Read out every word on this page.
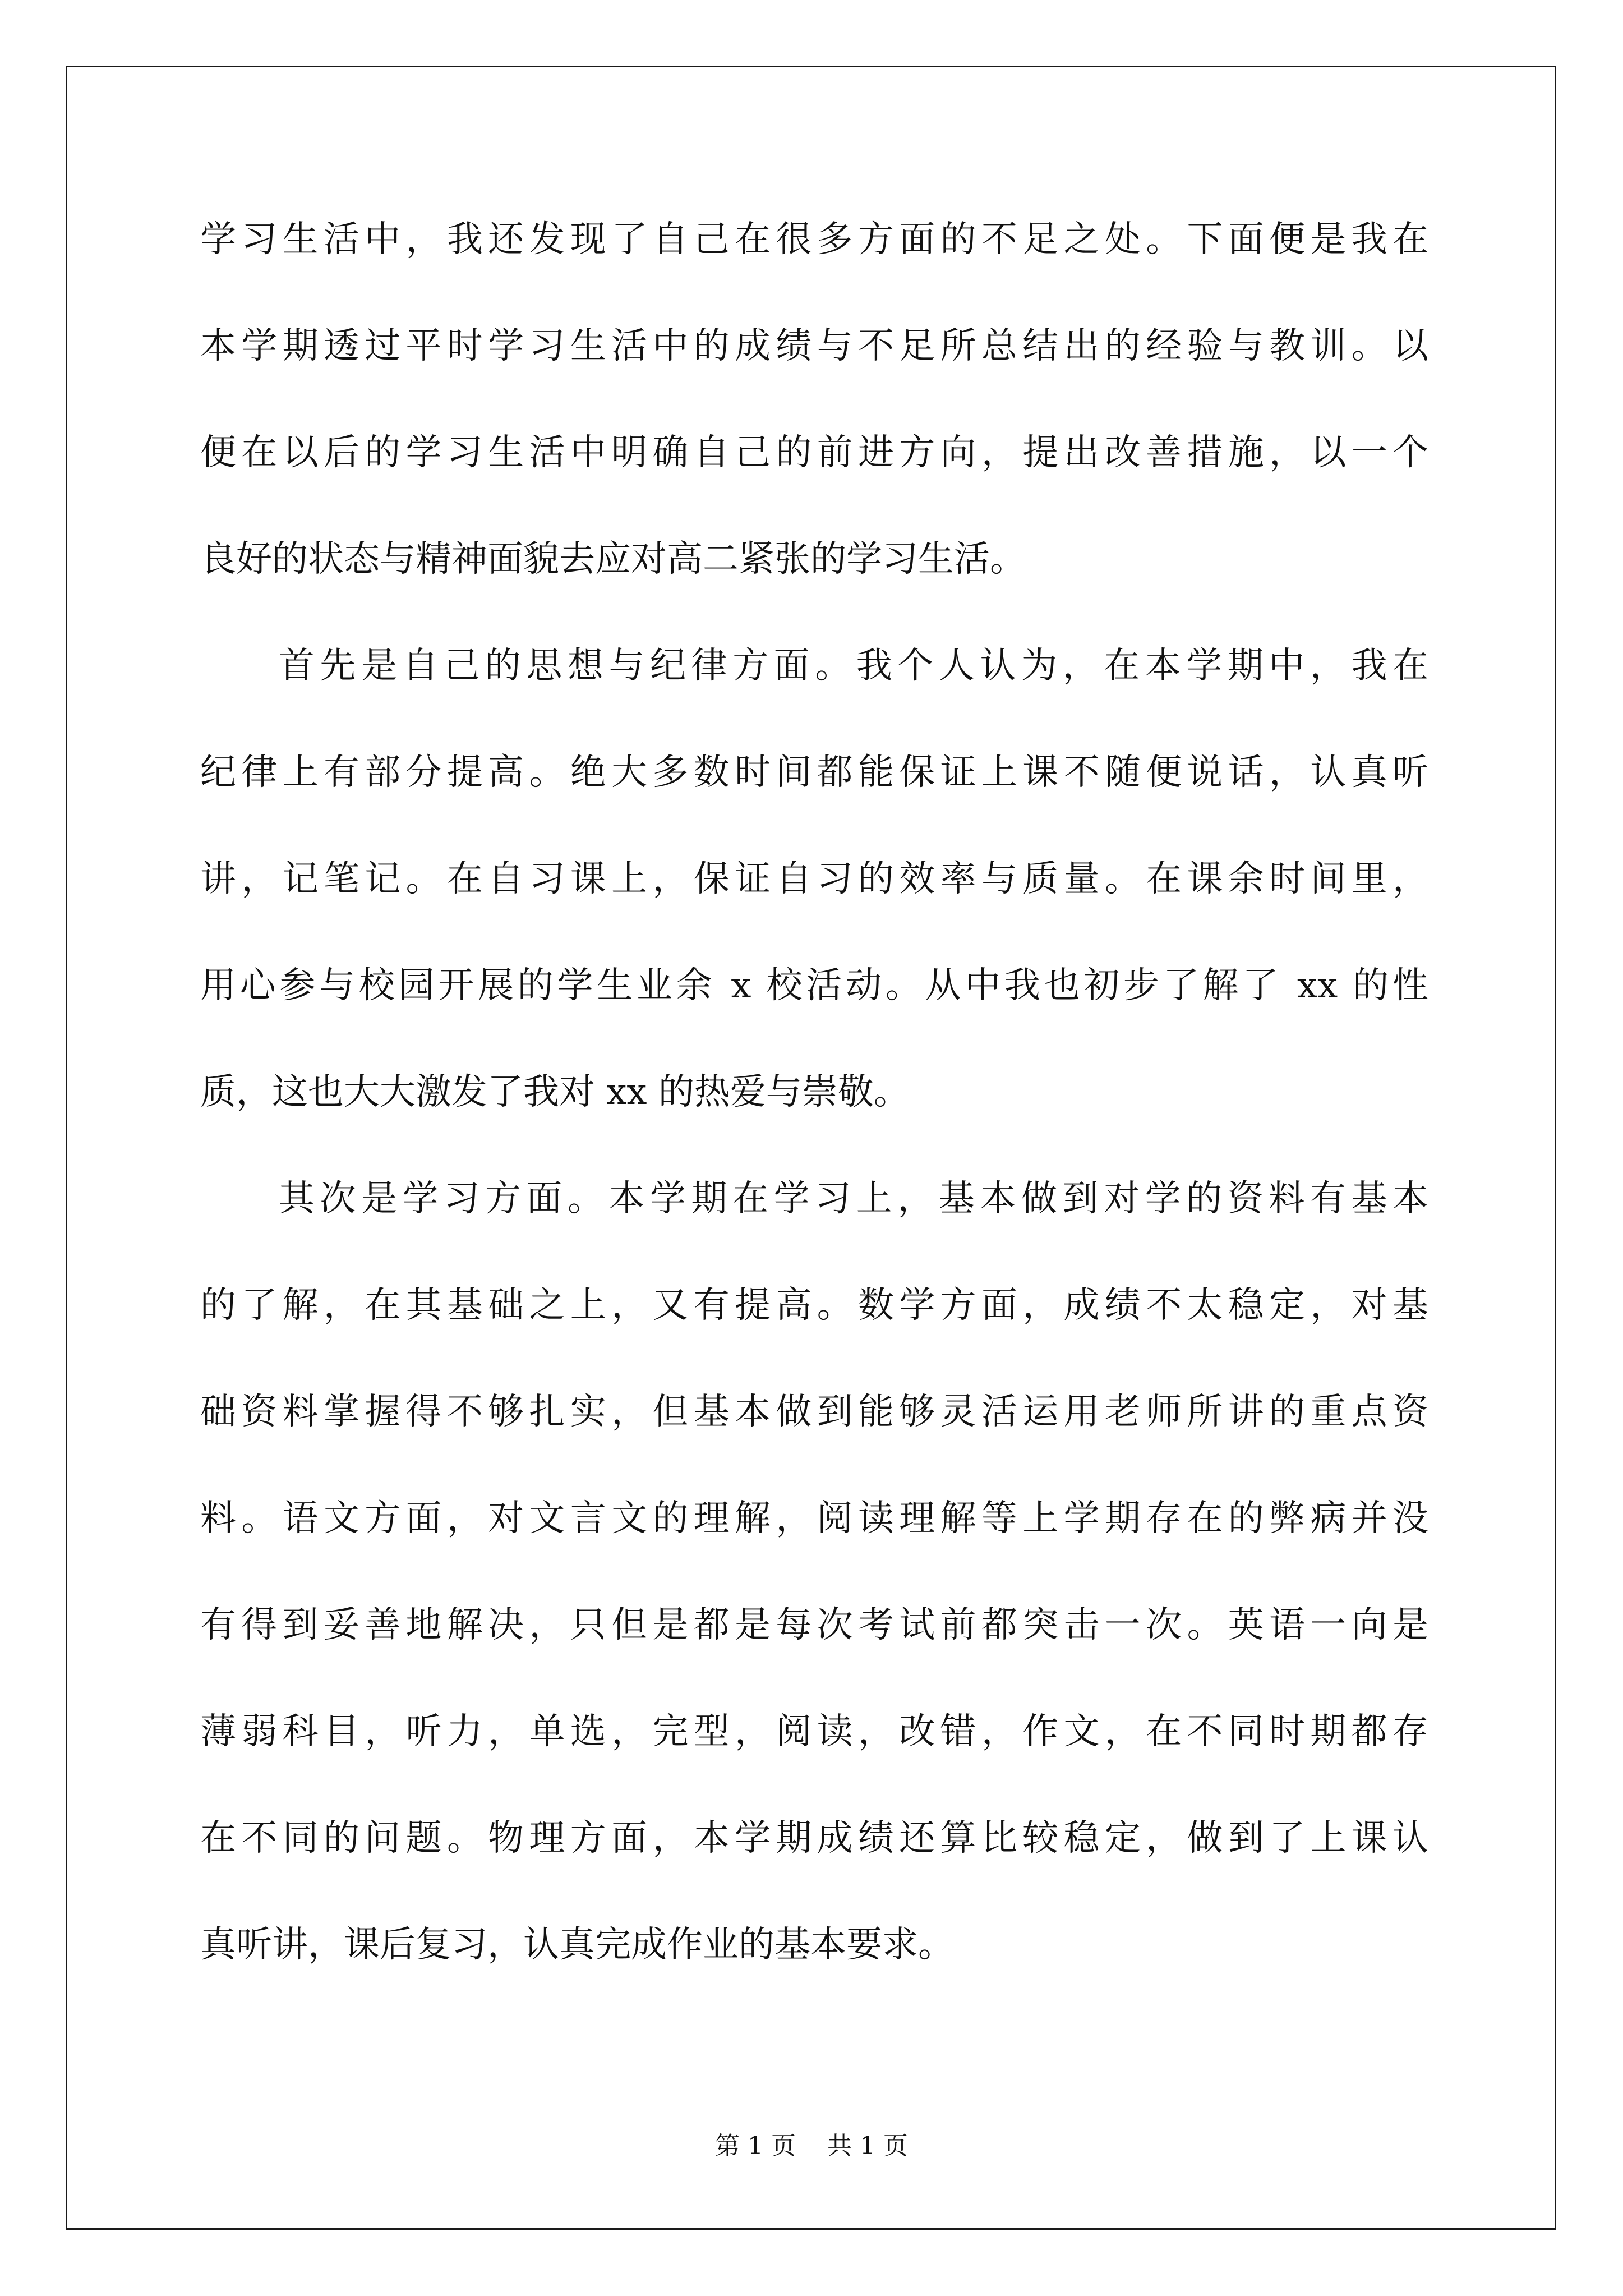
学习生活中，我还发现了自己在很多方面的不足之处。下面便是我在
本学期透过平时学习生活中的成绩与不足所总结出的经验与教训。以
便在以后的学习生活中明确自己的前进方向，提出改善措施，以一个
良好的状态与精神面貌去应对高二紧张的学习生活。
首先是自己的思想与纪律方面。我个人认为，在本学期中，我在
纪律上有部分提高。绝大多数时间都能保证上课不随便说话，认真听
讲，记笔记。在自习课上，保证自习的效率与质量。在课余时间里，
用心参与校园开展的学生业余 x 校活动。从中我也初步了解了 xx 的性
质，这也大大激发了我对 xx 的热爱与崇敬。
其次是学习方面。本学期在学习上，基本做到对学的资料有基本
的了解，在其基础之上，又有提高。数学方面，成绩不太稳定，对基
础资料掌握得不够扎实，但基本做到能够灵活运用老师所讲的重点资
料。语文方面，对文言文的理解，阅读理解等上学期存在的弊病并没
有得到妥善地解决，只但是都是每次考试前都突击一次。英语一向是
薄弱科目，听力，单选，完型，阅读，改错，作文，在不同时期都存
在不同的问题。物理方面，本学期成绩还算比较稳定，做到了上课认
真听讲，课后复习，认真完成作业的基本要求。
第 1 页    共 1 页
